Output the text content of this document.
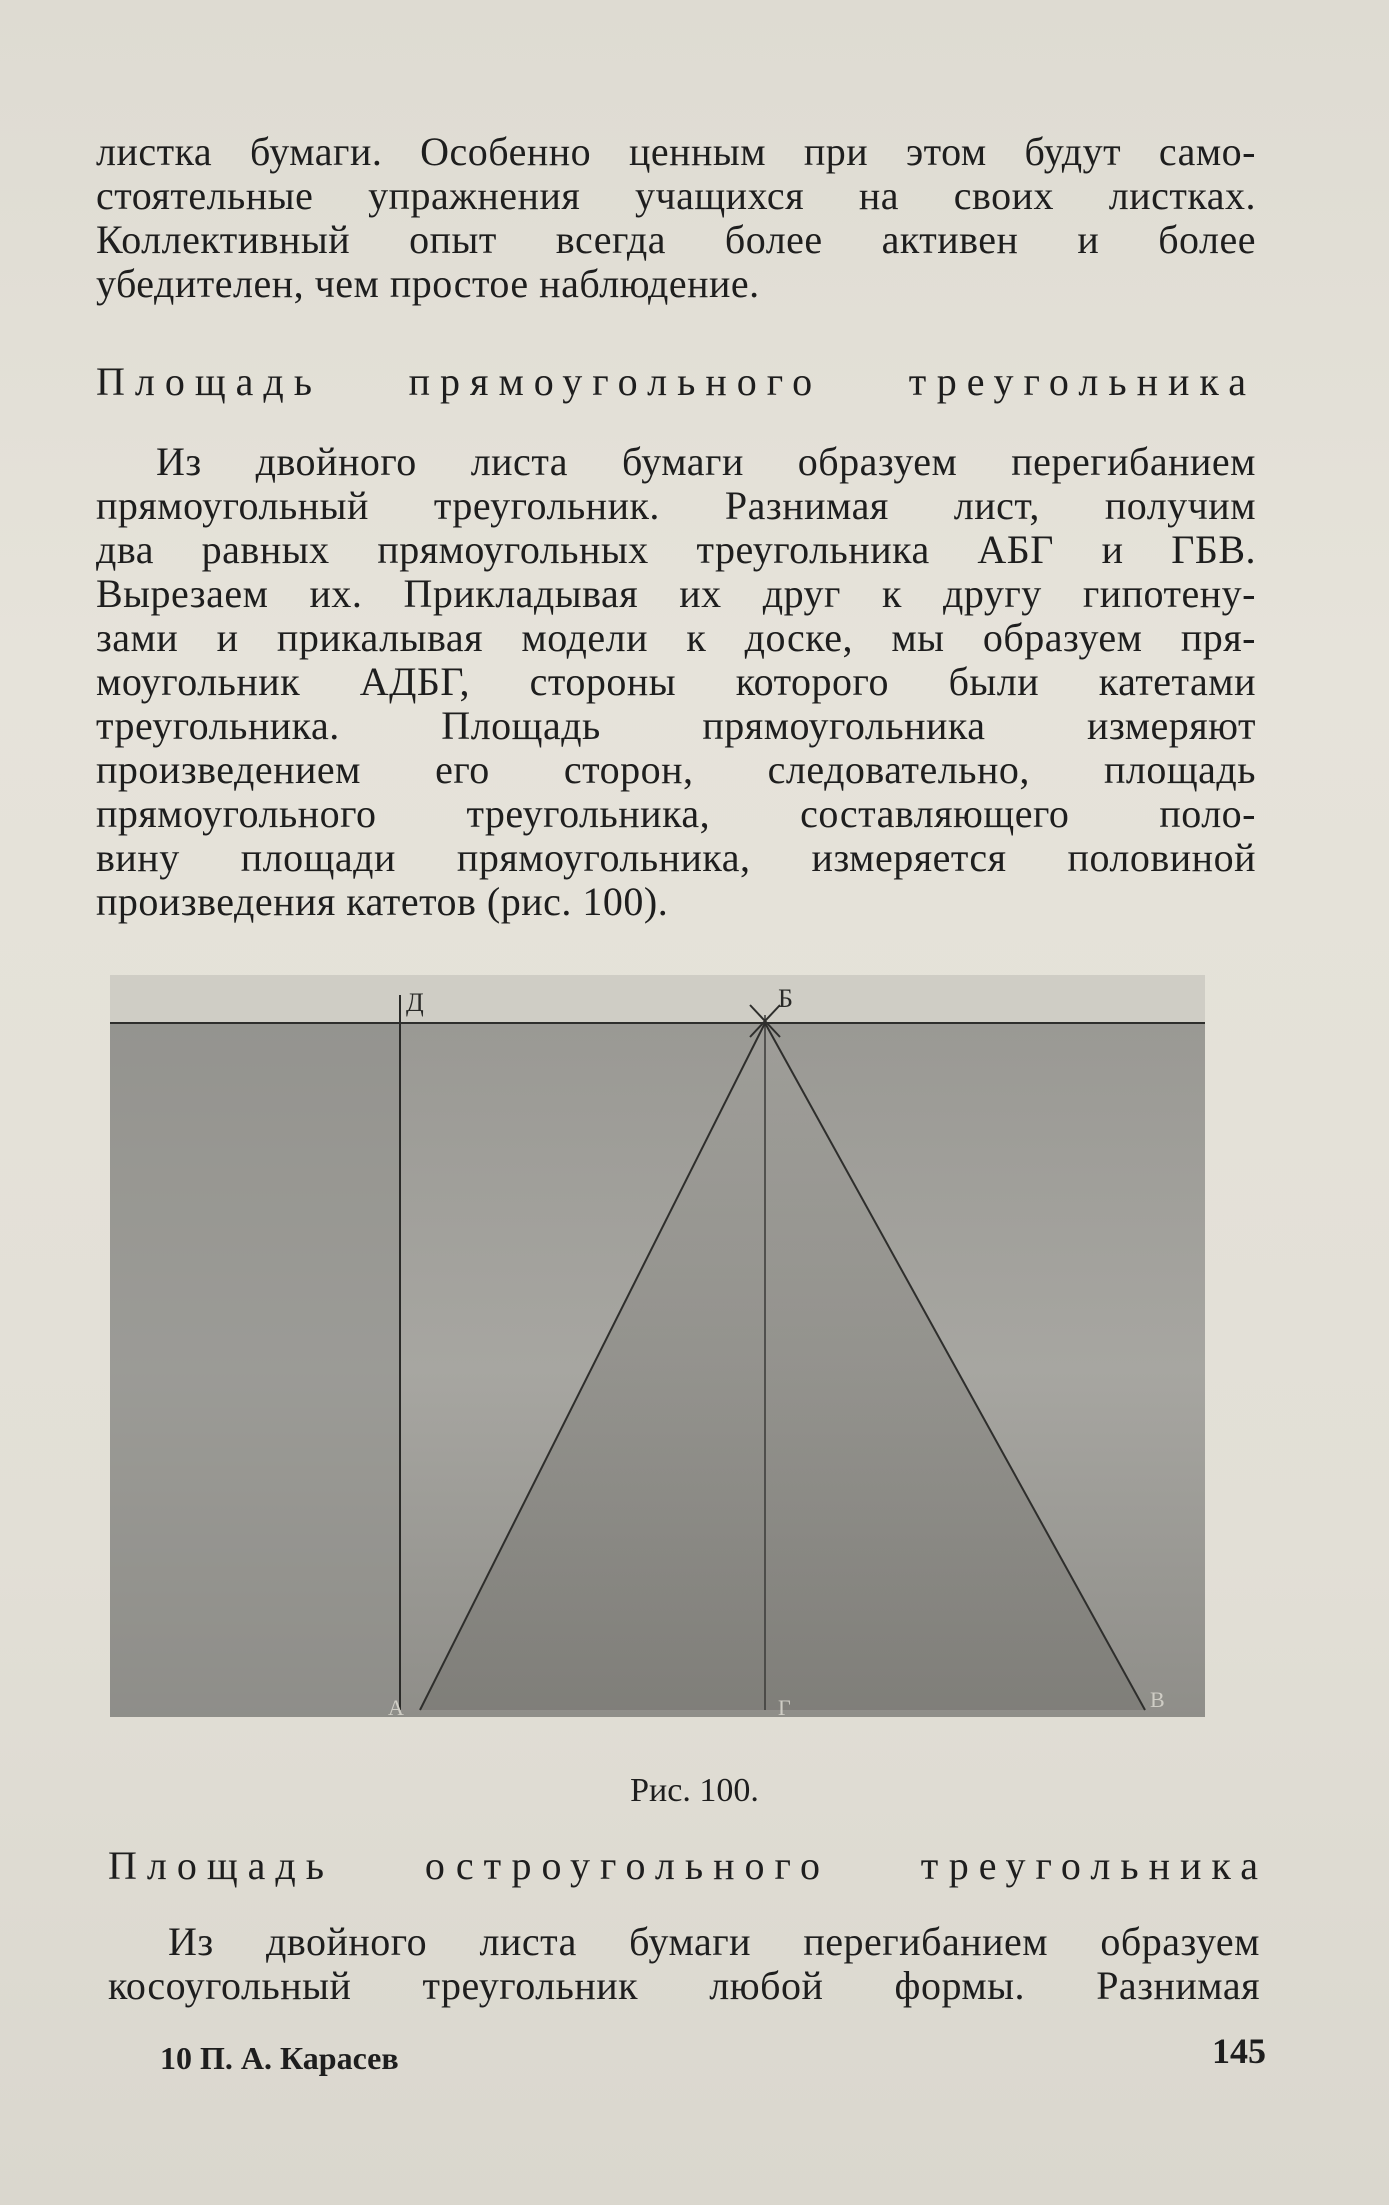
листка бумаги. Особенно ценным при этом будут само-
стоятельные упражнения учащихся на своих листках.
Коллективный опыт всегда более активен и более
убедителен, чем простое наблюдение.
Площадь прямоугольного треугольника
Из двойного листа бумаги образуем перегибанием
прямоугольный треугольник. Разнимая лист, получим
два равных прямоугольных треугольника АБГ и ГБВ.
Вырезаем их. Прикладывая их друг к другу гипотену-
зами и прикалывая модели к доске, мы образуем пря-
моугольник АДБГ, стороны которого были катетами
треугольника. Площадь прямоугольника измеряют
произведением его сторон, следовательно, площадь
прямоугольного треугольника, составляющего поло-
вину площади прямоугольника, измеряется половиной
произведения катетов (рис. 100).
Д	Б
А	Г	В
Рис. 100.
Площадь остроугольного треугольника
Из двойного листа бумаги перегибанием образуем
косоугольный треугольник любой формы. Разнимая
10 П. А. Карасев	145
